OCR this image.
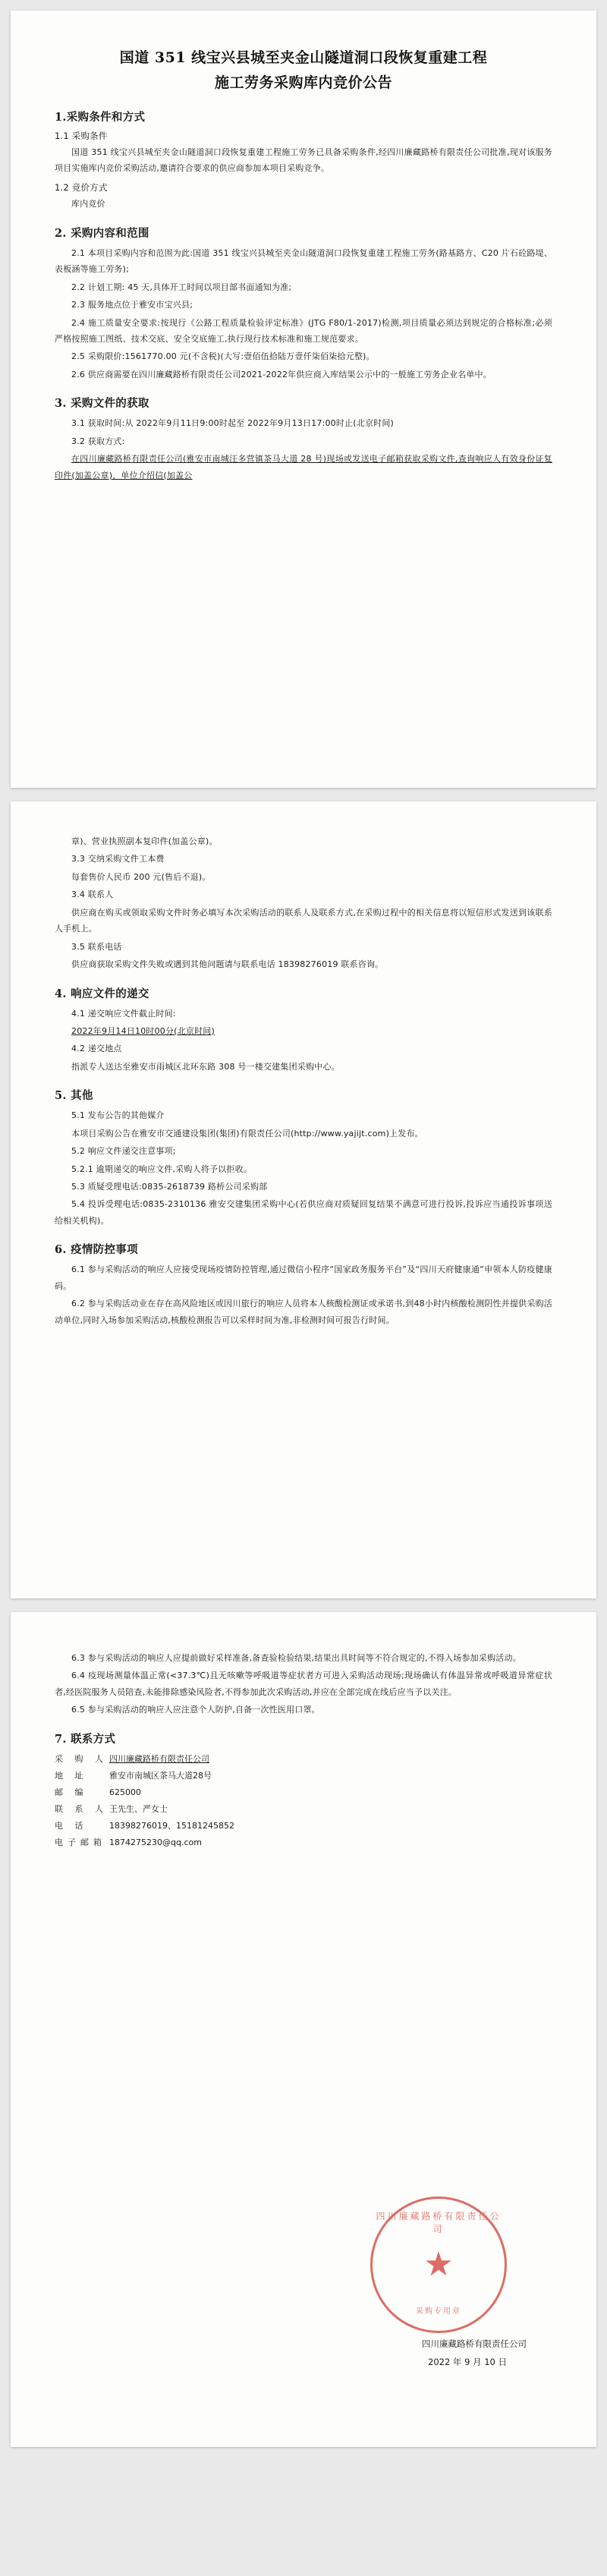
国道 351 线宝兴县城至夹金山隧道洞口段恢复重建工程
施工劳务采购库内竞价公告
1.采购条件和方式
1.1 采购条件

国道 351 线宝兴县城至夹金山隧道洞口段恢复重建工程施工劳务已具备采购条件,经四川廉藏路桥有限责任公司批准,现对该服务项目实施库内竞价采购活动,邀请符合要求的供应商参加本项目采购竞争。

1.2 竞价方式

库内竞价

2. 采购内容和范围

2.1 本项目采购内容和范围为此:国道 351 线宝兴县城至夹金山隧道洞口段恢复重建工程施工劳务(路基路方、C20 片石砼路堤、表板涵等施工劳务);

2.2 计划工期: 45 天,具体开工时间以项目部书面通知为准;

2.3 服务地点位于雅安市宝兴县;

2.4 施工质量安全要求:按现行《公路工程质量检验评定标准》(JTG F80/1-2017)检测,项目质量必须达到规定的合格标准;必须严格按照施工图纸、技术交底、安全交底施工,执行现行技术标准和施工规范要求。

2.5 采购限价:1561770.00 元(不含税)(大写:壹佰伍拾陆万壹仟柒佰柒拾元整)。

2.6 供应商需要在四川廉藏路桥有限责任公司2021-2022年供应商入库结果公示中的一般施工劳务企业名单中。

3. 采购文件的获取

3.1 获取时间:从 2022年9月11日9:00时起至 2022年9月13日17:00时止(北京时间)

3.2 获取方式:

在四川廉藏路桥有限责任公司(雅安市南城汪多营镇茶马大道 28 号)现场或发送电子邮箱获取采购文件,查询响应人有效身份证复印件(加盖公章)、单位介绍信(加盖公

章)、营业执照副本复印件(加盖公章)。

3.3 交纳采购文件工本费

每套售价人民币 200 元(售后不退)。

3.4 联系人

供应商在购买或领取采购文件时务必填写本次采购活动的联系人及联系方式,在采购过程中的相关信息将以短信形式发送到该联系人手机上。

3.5 联系电话

供应商获取采购文件失败或遇到其他问题请与联系电话 18398276019 联系咨询。

4. 响应文件的递交

4.1 递交响应文件截止时间:

2022年9月14日10时00分(北京时间)

4.2 递交地点

指派专人送达至雅安市雨城区北环东路 308 号一楼交建集团采购中心。

5. 其他

5.1 发布公告的其他媒介

本项目采购公告在雅安市交通建设集团(集团)有限责任公司(http://www.yajijt.com)上发布。

5.2 响应文件递交注意事项;

5.2.1 逾期递交的响应文件,采购人将予以拒收。

5.3 质疑受理电话:0835-2618739 路桥公司采购部

5.4 投诉受理电话:0835-2310136 雅安交建集团采购中心(若供应商对质疑回复结果不满意可进行投诉,投诉应当通投诉事项送给相关机构)。

6. 疫情防控事项

6.1 参与采购活动的响应人应接受现场疫情防控管理,通过微信小程序“国家政务服务平台”及“四川天府健康通”申领本人防疫健康码。

6.2 参与采购活动业在存在高风险地区或因川旅行的响应人员将本人核酸检测证或承诺书,到48小时内核酸检测阴性并提供采购活动单位,同时入场参加采购活动,核酸检测报告可以采样时间为准,非检测时间可报告行时间。

6.3 参与采购活动的响应人应提前做好采样准备,备查验检验结果,结果出具时间等不符合规定的,不得入场参加采购活动。

6.4 疫现场测量体温正常(<37.3℃)且无咳嗽等呼吸道等症状者方可进入采购活动现场;现场确认有体温异常或呼吸道异常症状者,经医院服务人员陪查,未能排除感染风险者,不得参加此次采购活动,并应在全部完成在线后应当予以关注。

6.5 参与采购活动的响应人应注意个人防护,自备一次性医用口罩。

7. 联系方式
采 购 人 四川廉藏路桥有限责任公司
地 址	雅安市南城区茶马大道28号
邮 编	625000
联 系 人 王先生、严女士
电 话	18398276019、15181245852
电子邮箱 1874275230@qq.com
四川廉藏路桥有限责任公司
★
采购专用章
四川廉藏路桥有限责任公司
2022 年 9 月 10 日
